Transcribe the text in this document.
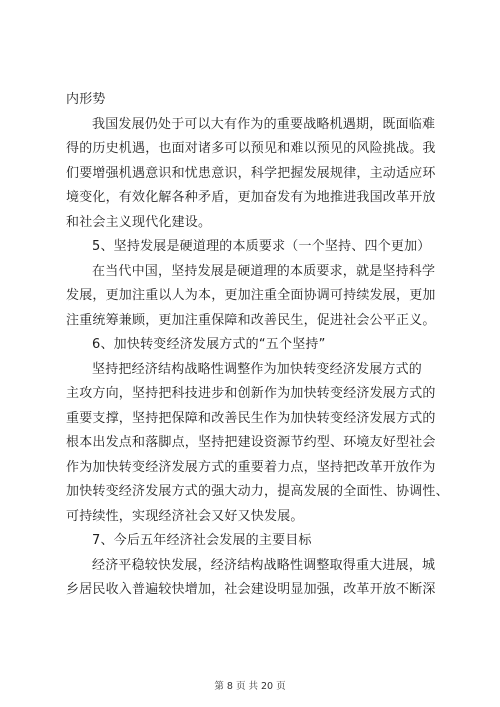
内形势
我国发展仍处于可以大有作为的重要战略机遇期，既面临难
得的历史机遇，也面对诸多可以预见和难以预见的风险挑战。我
们要增强机遇意识和忧患意识，科学把握发展规律，主动适应环
境变化，有效化解各种矛盾，更加奋发有为地推进我国改革开放
和社会主义现代化建设。
5、坚持发展是硬道理的本质要求（一个坚持、四个更加）
在当代中国，坚持发展是硬道理的本质要求，就是坚持科学
发展，更加注重以人为本，更加注重全面协调可持续发展，更加
注重统筹兼顾，更加注重保障和改善民生，促进社会公平正义。
6、加快转变经济发展方式的“五个坚持”
坚持把经济结构战略性调整作为加快转变经济发展方式的
主攻方向，坚持把科技进步和创新作为加快转变经济发展方式的
重要支撑，坚持把保障和改善民生作为加快转变经济发展方式的
根本出发点和落脚点，坚持把建设资源节约型、环境友好型社会
作为加快转变经济发展方式的重要着力点，坚持把改革开放作为
加快转变经济发展方式的强大动力，提高发展的全面性、协调性、
可持续性，实现经济社会又好又快发展。
7、今后五年经济社会发展的主要目标
经济平稳较快发展，经济结构战略性调整取得重大进展，城
乡居民收入普遍较快增加，社会建设明显加强，改革开放不断深
第 8 页 共 20 页
